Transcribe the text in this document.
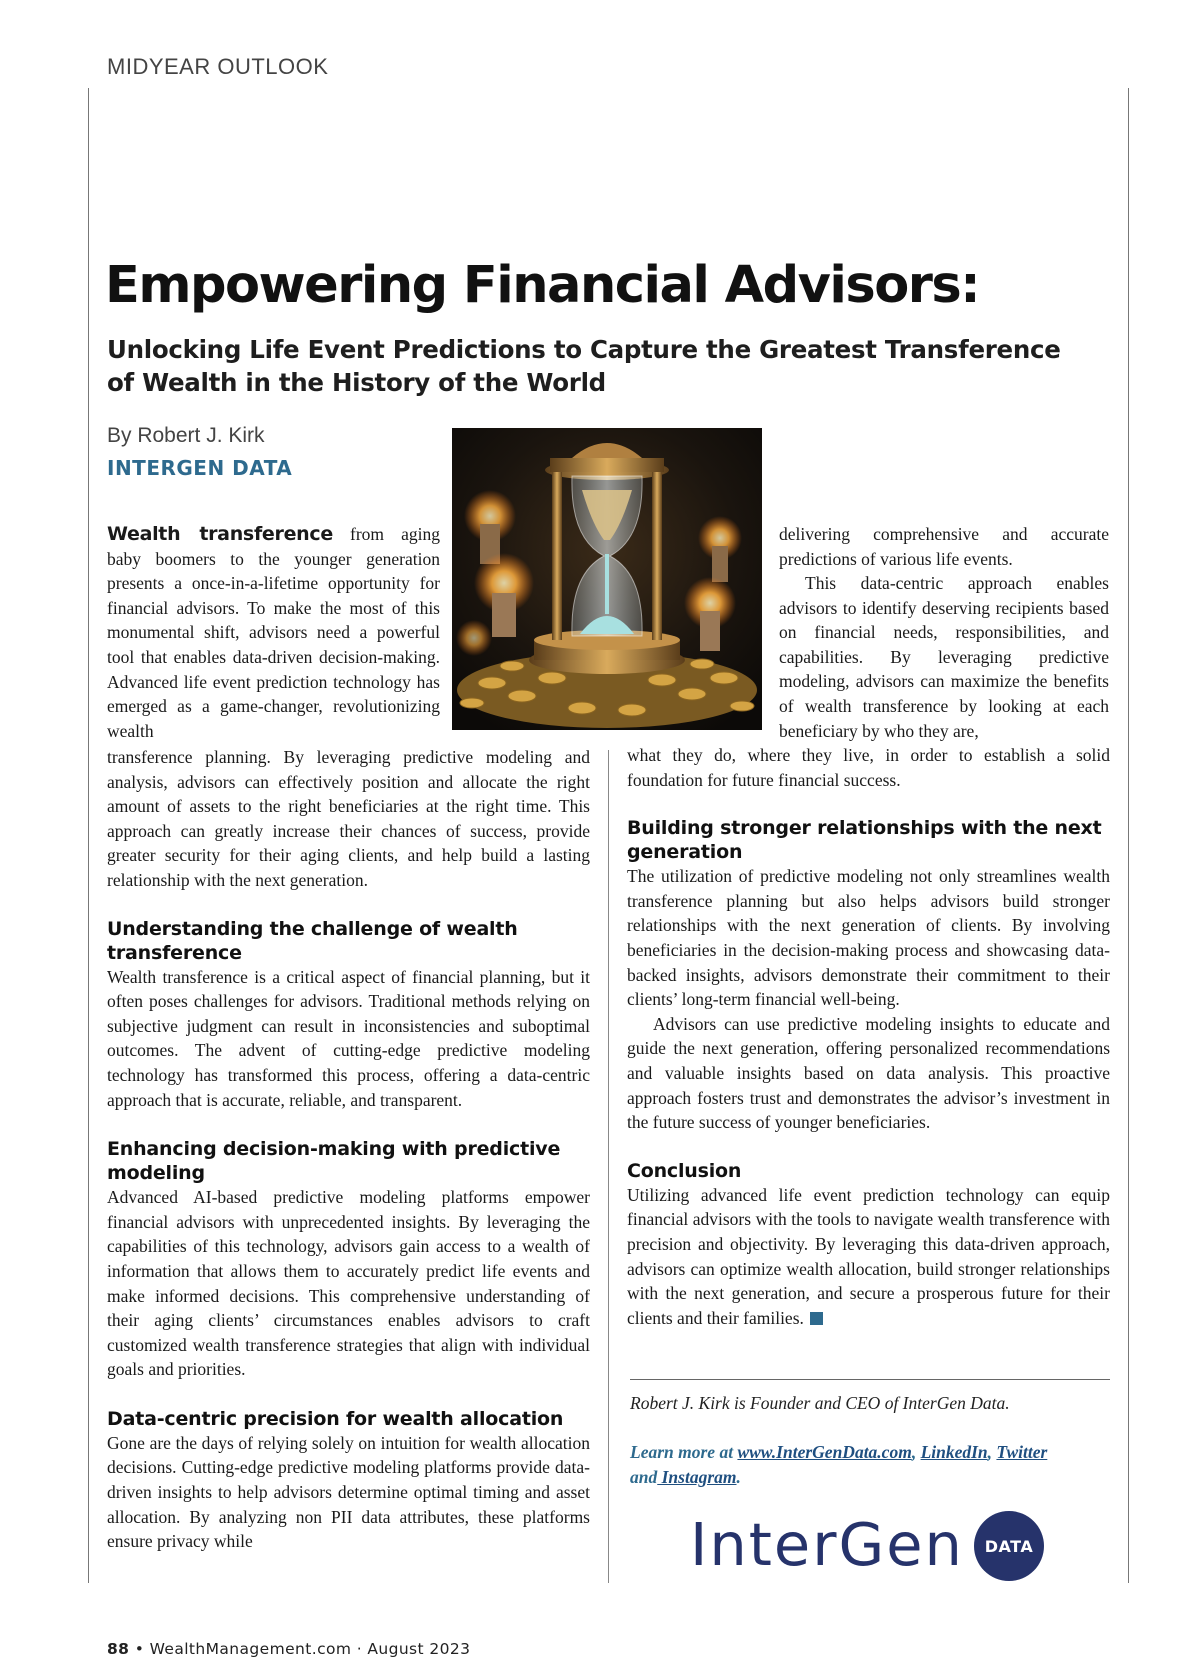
MIDYEAR OUTLOOK
Empowering Financial Advisors:
Unlocking Life Event Predictions to Capture the Greatest Transference of Wealth in the History of the World
By Robert J. Kirk
INTERGEN DATA

Wealth transference from aging baby boomers to the younger generation presents a once-in-a-lifetime opportunity for financial advisors. To make the most of this monumental shift, advisors need a powerful tool that enables data-driven decision-making. Advanced life event prediction technology has emerged as a game-changer, revolutionizing wealth

transference planning. By leveraging predictive modeling and analysis, advisors can effectively position and allocate the right amount of assets to the right beneficiaries at the right time. This approach can greatly increase their chances of success, provide greater security for their aging clients, and help build a lasting relationship with the next generation.

Understanding the challenge of wealth transference

Wealth transference is a critical aspect of financial planning, but it often poses challenges for advisors. Traditional methods relying on subjective judgment can result in inconsistencies and suboptimal outcomes. The advent of cutting-edge predictive modeling technology has transformed this process, offering a data-centric approach that is accurate, reliable, and transparent.

Enhancing decision-making with predictive modeling

Advanced AI-based predictive modeling platforms empower financial advisors with unprecedented insights. By leveraging the capabilities of this technology, advisors gain access to a wealth of information that allows them to accurately predict life events and make informed decisions. This comprehensive understanding of their aging clients’ circumstances enables advisors to craft customized wealth transference strategies that align with individual goals and priorities.

Data-centric precision for wealth allocation

Gone are the days of relying solely on intuition for wealth allocation decisions. Cutting-edge predictive modeling platforms provide data-driven insights to help advisors determine optimal timing and asset allocation. By analyzing non PII data attributes, these platforms ensure privacy while

delivering comprehensive and accurate predictions of various life events.

This data-centric approach enables advisors to identify deserving recipients based on financial needs, responsibilities, and capabilities. By leveraging predictive modeling, advisors can maximize the benefits of wealth transference by looking at each beneficiary by who they are,

what they do, where they live, in order to establish a solid foundation for future financial success.

Building stronger relationships with the next generation

The utilization of predictive modeling not only streamlines wealth transference planning but also helps advisors build stronger relationships with the next generation of clients. By involving beneficiaries in the decision-making process and showcasing data-backed insights, advisors demonstrate their commitment to their clients’ long-term financial well-being.

Advisors can use predictive modeling insights to educate and guide the next generation, offering personalized recommendations and valuable insights based on data analysis. This proactive approach fosters trust and demonstrates the advisor’s investment in the future success of younger beneficiaries.

Conclusion

Utilizing advanced life event prediction technology can equip financial advisors with the tools to navigate wealth transference with precision and objectivity. By leveraging this data-driven approach, advisors can optimize wealth allocation, build stronger relationships with the next generation, and secure a prosperous future for their clients and their families.

Robert J. Kirk is Founder and CEO of InterGen Data.

Learn more at www.InterGenData.com, LinkedIn, Twitter
and Instagram.

InterGen	DATA
88 • WealthManagement.com · August 2023
